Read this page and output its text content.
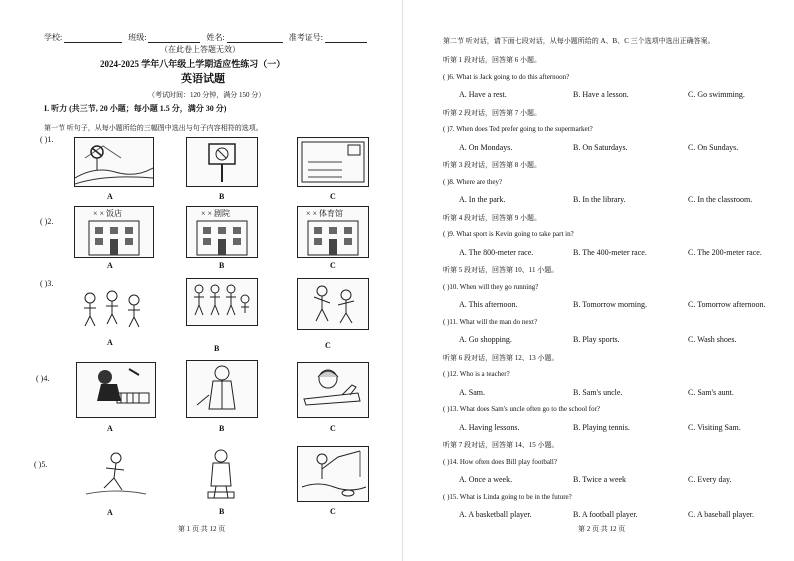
学校:	班级:	姓名:	准考证号:
（在此卷上答题无效）
2024-2025 学年八年级上学期适应性练习（一）
英语试题
（考试时间：120 分钟，满分 150 分）
I. 听力 (共三节, 20 小题；每小题 1.5 分，满分 30 分)
第一节 听句子，从每小题所给的三幅图中选出与句子内容相符的选项。
( )1.
A	B	C
( )2.
× × 饭店	× × 剧院	× × 体育馆
A	B	C
( )3.
A
B	C
( )4.
A	B	C
( )5.
A	B	C
第 1 页 共 12 页
第二节 听对话，请下面七段对话，从每小题所给的 A、B、C 三个选项中选出正确答案。
听第 1 段对话，回答第 6 小题。
( )6. What is Jack going to do this afternoon?
A. Have a rest.	B. Have a lesson.	C. Go swimming.
听第 2 段对话，回答第 7 小题。
( )7. When does Ted prefer going to the supermarket?
A. On Mondays.	B. On Saturdays.	C. On Sundays.
听第 3 段对话，回答第 8 小题。
( )8. Where are they?
A. In the park.	B. In the library.	C. In the classroom.
听第 4 段对话，回答第 9 小题。
( )9. What sport is Kevin going to take part in?
A. The 800-meter race.	B. The 400-meter race.	C. The 200-meter race.
听第 5 段对话，回答第 10、11 小题。
( )10. When will they go running?
A. This afternoon.	B. Tomorrow morning.	C. Tomorrow afternoon.
( )11. What will the man do next?
A. Go shopping.	B. Play sports.	C. Wash shoes.
听第 6 段对话，回答第 12、13 小题。
( )12. Who is a teacher?
A. Sam.	B. Sam's uncle.	C. Sam's aunt.
( )13. What does Sam's uncle often go to the school for?
A. Having lessons.	B. Playing tennis.	C. Visiting Sam.
听第 7 段对话，回答第 14、15 小题。
( )14. How often does Bill play football?
A. Once a week.	B. Twice a week	C. Every day.
( )15. What is Linda going to be in the future?
A. A basketball player.	B. A football player.	C. A baseball player.
第 2 页 共 12 页
